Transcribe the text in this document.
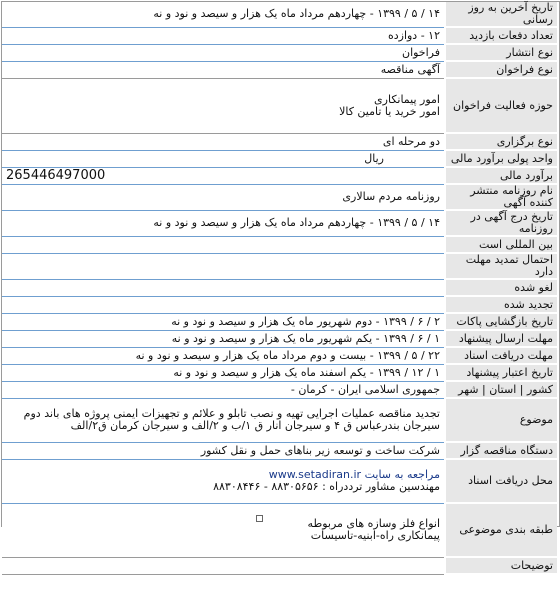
تاریخ آخرین به روز رسانی	۱۴ / ۵ / ۱۳۹۹ - چهاردهم مرداد ماه یک هزار و سیصد و نود و نه
تعداد دفعات بازدید	۱۲ - دوازده
نوع انتشار	فراخوان
نوع فراخوان	آگهی مناقصه
حوزه فعالیت فراخوان	امور پیمانکاری
امور خرید یا تامین کالا

نوع برگزاری	دو مرحله ای
واحد پولی برآورد مالی	ریال
برآورد مالی	265446497000
نام روزنامه منتشر کننده آگهی	روزنامه مردم سالاری
تاریخ درج آگهی در روزنامه	۱۴ / ۵ / ۱۳۹۹ - چهاردهم مرداد ماه یک هزار و سیصد و نود و نه
بین المللی است	
احتمال تمدید مهلت دارد	
لغو شده	
تجدید شده	
تاریخ بازگشایی پاکات	۲ / ۶ / ۱۳۹۹ - دوم شهریور ماه یک هزار و سیصد و نود و نه
مهلت ارسال پیشنهاد	۱ / ۶ / ۱۳۹۹ - یکم شهریور ماه یک هزار و سیصد و نود و نه
مهلت دریافت اسناد	۲۲ / ۵ / ۱۳۹۹ - بیست و دوم مرداد ماه یک هزار و سیصد و نود و نه
تاریخ اعتبار پیشنهاد	۱ / ۱۲ / ۱۳۹۹ - یکم اسفند ماه یک هزار و سیصد و نود و نه
کشور | استان | شهر	جمهوری اسلامی ایران - کرمان -
موضوع	تجدید مناقصه عملیات اجرایی تهیه و نصب تابلو و علائم و تجهیزات ایمنی پروژه های باند دوم سیرجان بندرعباس ق ۴ و سیرجان انار ق ۱/ب و ۲/الف و سیرجان کرمان ق۲/الف
دستگاه مناقصه گزار	شرکت ساخت و توسعه زیر بناهای حمل و نقل کشور
محل دریافت اسناد	مراجعه به سایت www.setadiran.ir
مهندسین مشاور ترددراه : ۸۸۳۰۵۶۵۶ - ۸۸۳۰۸۴۴۶

طبقه بندی موضوعی	انواع فلز وسازه های مربوطه
پیمانکاری راه-ابنیه-تاسیسات

توضیحات	
